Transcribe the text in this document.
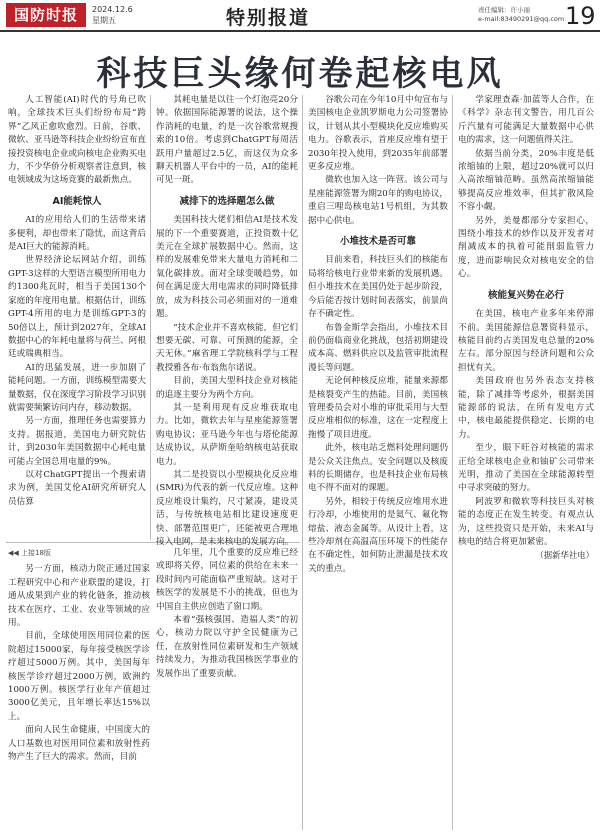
国防时报	2024.12.6
星期五	特别报道	责任编辑：许小丽
e-mail:83490291@qq.com 19
科技巨头缘何卷起核电风

人工智能(AI)时代的号角已吹响，全球技术巨头们纷纷布局“跨界”乙风正愈吹愈烈。日前，谷歌、微软、亚马逊等科技企业纷纷宣布直接投资核电企业或向核电企业购买电力，不少华侨分析观察者注意到，核电领域成为这场竞赛的最新焦点。

AI能耗惊人

AI的应用给人们的生活带来诸多便利，却也带来了隐忧，而这背后是AI巨大的能源消耗。

世界经济论坛网站介绍，训练GPT-3这样的大型语言模型所用电力约1300兆瓦时，相当于美国130个家庭的年度用电量。根据估计，训练GPT-4所用的电力是训练GPT-3的50倍以上，预计到2027年，全球AI数据中心的年耗电量将与荷兰、阿根廷或瑞典相当。

AI的迅猛发展，进一步加剧了能耗问题。一方面，训练模型需要大量数据，仅在深度学习阶段学习识别就需要频繁访问内存，移动数据。

另一方面，推理任务也需要算力支持。据报道，美国电力研究院估计，到2030年美国数据中心耗电量可能占全国总用电量的9%。

以对ChatGPT提出一个搜索请求为例，美国艾伦AI研究所研究人员估算

其耗电量是以往一个灯泡亮20分钟。依据国际能源署的说法，这个操作消耗的电量，约是一次谷歌常规搜索的10倍。考虑到ChatGPT每周活跃用户量超过2.5亿，而这仅为众多聊天机器人平台中的一员，AI的能耗可见一斑。

减排下的选择题怎么做

美国科技大佬们相信AI是技术发展的下一个重要赛道，正投资数十亿美元在全球扩展数据中心。然而，这样的发展难免带来大量电力消耗和二氧化碳排放。面对全球变暖趋势，如何在满足庞大用电需求的同时降低排放，成为科技公司必须面对的一道难题。

“技术企业并不喜欢核能，但它们想要无碳、可靠、可预测的能源，全天无休。”麻省理工学院核科学与工程教授雅各布·布翁焦尔诺说。

目前，美国大型科技企业对核能的追逐主要分为两个方向。

其一是利用现有反应堆获取电力。比如，微软去年与星座能源签署购电协议；亚马逊今年也与塔伦能源达成协议，从萨斯奎哈纳核电站获取电力。

其二是投资以小型模块化反应堆(SMR)为代表的新一代反应堆。这种反应堆设计集约，尺寸紧凑，建设灵活，与传统核电站相比建设速度更快、部署范围更广，还能被更合理地接入电网，是未来核电的发展方向。

谷歌公司在今年10月中旬宣布与美国核电企业凯罗斯电力公司签署协议，计划从其小型模块化反应堆购买电力。谷歌表示，首座反应堆有望于2030年投入使用，到2035年前部署更多反应堆。

微软也加入这一阵营。该公司与星座能源签署为期20年的购电协议，重启三哩岛核电站1号机组，为其数据中心供电。

小堆技术是否可靠

目前来看，科技巨头们的核能布局将给核电行业带来新的发展机遇。但小堆技术在美国仍处于起步阶段，今后能否按计划时间表落实，前景尚存不确定性。

布鲁金斯学会指出，小堆技术目前仍面临商业化挑战，包括初期建设成本高、燃料供应以及监管审批流程漫长等问题。

无论何种核反应堆，能量来源都是核裂变产生的热能。目前，美国核管理委员会对小堆的审批采用与大型反应堆相似的标准，这在一定程度上拖慢了项目进度。

此外，核电站乏燃料处理问题仍是公众关注焦点。安全问题以及核废料的长期储存，也是科技企业布局核电不得不面对的课题。

另外，相较于传统反应堆用水进行冷却，小堆使用的是氦气、氟化物熔盐、液态金属等。从设计上看，这些冷却剂在高温高压环境下的性能存在不确定性，如何防止泄漏是技术攻关的重点。

学家理查森·加蓝等人合作，在《科学》杂志刊文警告，用几百公斤汽量有可能满足大量数据中心供电的需求，这一问题值得关注。

依据当前分类，20%丰度是低浓缩铀的上限，超过20%就可以归入高浓缩铀范畴。虽然高浓缩铀能够提高反应堆效率，但其扩散风险不容小觑。

另外，美曼都部分专家担心，围绕小堆技术的炒作以及开发者对削减成本的执着可能削弱监管力度，进而影响民众对核电安全的信心。

核能复兴势在必行

在美国，核电产业多年来停滞不前。美国能源信息署资料显示，核能目前约占美国发电总量的20%左右。部分原因与经济问题和公众担忧有关。

美国政府也另外表态支持核能，除了减排等考虑外，根据美国能源部的说法，在所有发电方式中，核电最能提供稳定、长期的电力。

至少，眼下旺谷对核能的需求正给全球核电企业和铀矿公司带来光明，推动了美国在全球能源转型中寻求突破的努力。

阿波罗和微软等科技巨头对核能的态度正在发生转变。有观点认为，这些投资只是开始，未来AI与核电的结合将更加紧密。

（据新华社电）
◀◀ 上接18版

另一方面，核动力院正通过国家工程研究中心和产业联盟的建设，打通从成果到产业的转化链条，推动核技术在医疗、工业、农业等领域的应用。

目前，全球使用医用同位素的医院超过15000家，每年接受核医学诊疗超过5000万例。其中，美国每年核医学诊疗超过2000万例，欧洲约1000万例。核医学行业年产值超过3000亿美元，且年增长率达15%以上。

面向人民生命健康，中国庞大的人口基数也对医用同位素和放射性药物产生了巨大的需求。然而，目前

几年里，几个重要的反应堆已经或即将关停，同位素的供给在未来一段时间内可能面临严重短缺。这对于核医学的发展是不小的挑战，但也为中国自主供应创造了窗口期。

本着“强核强国、造福人类”的初心，核动力院以守护全民健康为己任，在放射性同位素研发和生产领域持续发力，为推动我国核医学事业的发展作出了重要贡献。
